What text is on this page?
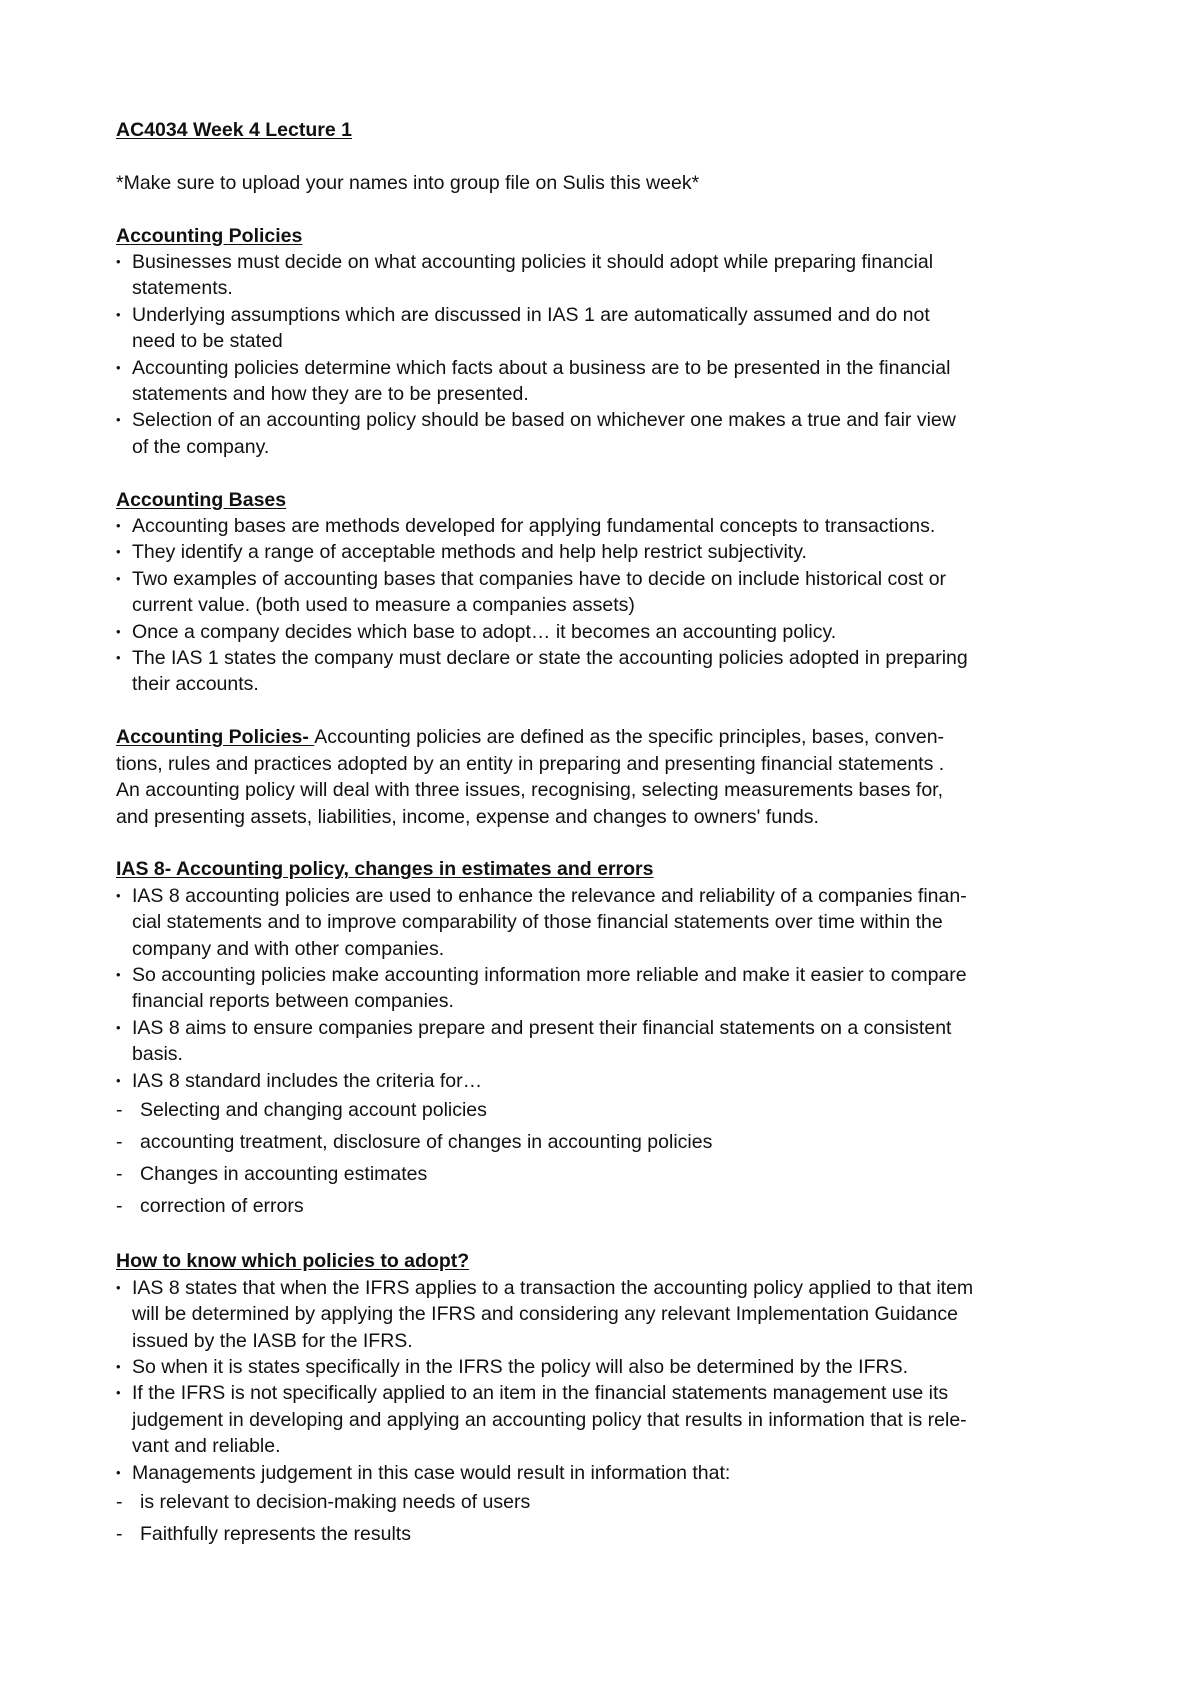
AC4034 Week 4 Lecture 1

*Make sure to upload your names into group file on Sulis this week*

Accounting Policies

• Businesses must decide on what accounting policies it should adopt while preparing financial

statements.

• Underlying assumptions which are discussed in IAS 1 are automatically assumed and do not

need to be stated

• Accounting policies determine which facts about a business are to be presented in the financial

statements and how they are to be presented.

• Selection of an accounting policy should be based on whichever one makes a true and fair view

of the company.

Accounting Bases

• Accounting bases are methods developed for applying fundamental concepts to transactions.

• They identify a range of acceptable methods and help help restrict subjectivity.

• Two examples of accounting bases that companies have to decide on include historical cost or

current value. (both used to measure a companies assets)

• Once a company decides which base to adopt… it becomes an accounting policy.

• The IAS 1 states the company must declare or state the accounting policies adopted in preparing

their accounts.

Accounting Policies- Accounting policies are defined as the specific principles, bases, conven-

tions, rules and practices adopted by an entity in preparing and presenting financial statements .

An accounting policy will deal with three issues, recognising, selecting measurements bases for,

and presenting assets, liabilities, income, expense and changes to owners' funds.

IAS 8- Accounting policy, changes in estimates and errors

• IAS 8 accounting policies are used to enhance the relevance and reliability of a companies finan-

cial statements and to improve comparability of those financial statements over time within the

company and with other companies.

• So accounting policies make accounting information more reliable and make it easier to compare

financial reports between companies.

• IAS 8 aims to ensure companies prepare and present their financial statements on a consistent

basis.

• IAS 8 standard includes the criteria for…

- Selecting and changing account policies
- accounting treatment, disclosure of changes in accounting policies
- Changes in accounting estimates
- correction of errors

How to know which policies to adopt?

• IAS 8 states that when the IFRS applies to a transaction the accounting policy applied to that item

will be determined by applying the IFRS and considering any relevant Implementation Guidance

issued by the IASB for the IFRS.

• So when it is states specifically in the IFRS the policy will also be determined by the IFRS.

• If the IFRS is not specifically applied to an item in the financial statements management use its

judgement in developing and applying an accounting policy that results in information that is rele-

vant and reliable.

• Managements judgement in this case would result in information that:

- is relevant to decision-making needs of users
- Faithfully represents the results
